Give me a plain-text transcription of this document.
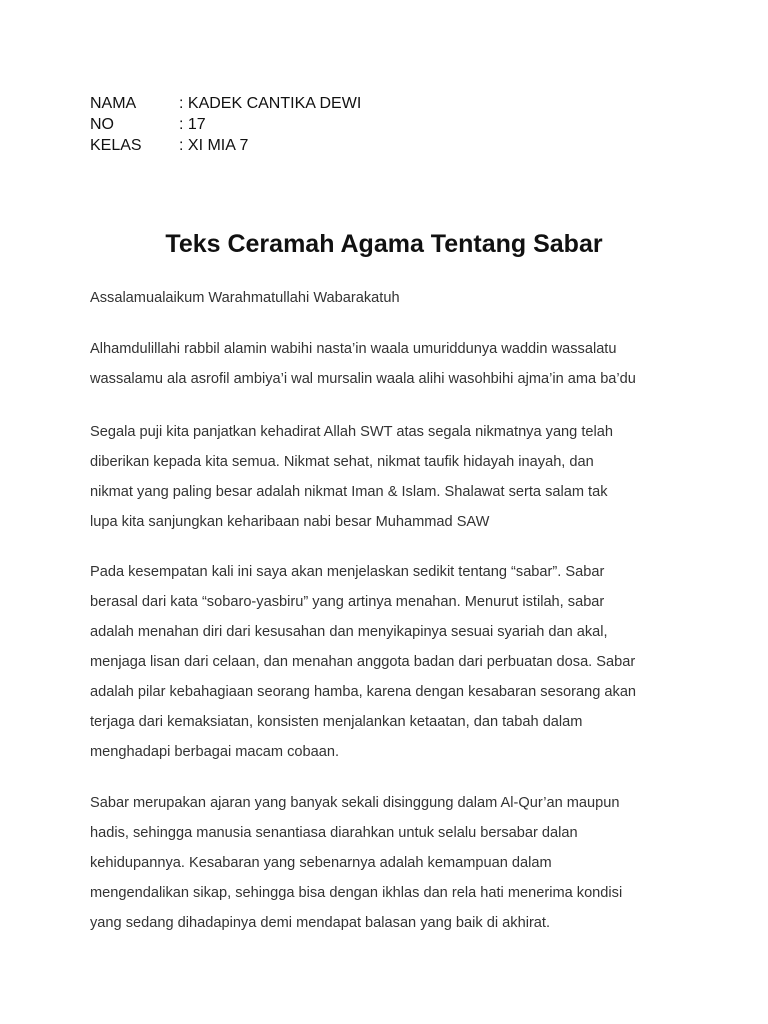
NAMA	: KADEK CANTIKA DEWI
NO	: 17
KELAS	: XI MIA 7
Teks Ceramah Agama Tentang Sabar
Assalamualaikum Warahmatullahi Wabarakatuh
Alhamdulillahi rabbil alamin wabihi nasta’in waala umuriddunya waddin wassalatu
wassalamu ala asrofil ambiya’i wal mursalin waala alihi wasohbihi ajma’in ama ba’du
Segala puji kita panjatkan kehadirat Allah SWT atas segala nikmatnya yang telah
diberikan kepada kita semua. Nikmat sehat, nikmat taufik hidayah inayah, dan
nikmat yang paling besar adalah nikmat Iman & Islam. Shalawat serta salam tak
lupa kita sanjungkan keharibaan nabi besar Muhammad SAW
Pada kesempatan kali ini saya akan menjelaskan sedikit tentang “sabar”. Sabar
berasal dari kata “sobaro-yasbiru” yang artinya menahan. Menurut istilah, sabar
adalah menahan diri dari kesusahan dan menyikapinya sesuai syariah dan akal,
menjaga lisan dari celaan, dan menahan anggota badan dari perbuatan dosa. Sabar
adalah pilar kebahagiaan seorang hamba, karena dengan kesabaran sesorang akan
terjaga dari kemaksiatan, konsisten menjalankan ketaatan, dan tabah dalam
menghadapi berbagai macam cobaan.
Sabar merupakan ajaran yang banyak sekali disinggung dalam Al-Qur’an maupun
hadis, sehingga manusia senantiasa diarahkan untuk selalu bersabar dalan
kehidupannya. Kesabaran yang sebenarnya adalah kemampuan dalam
mengendalikan sikap, sehingga bisa dengan ikhlas dan rela hati menerima kondisi
yang sedang dihadapinya demi mendapat balasan yang baik di akhirat.
